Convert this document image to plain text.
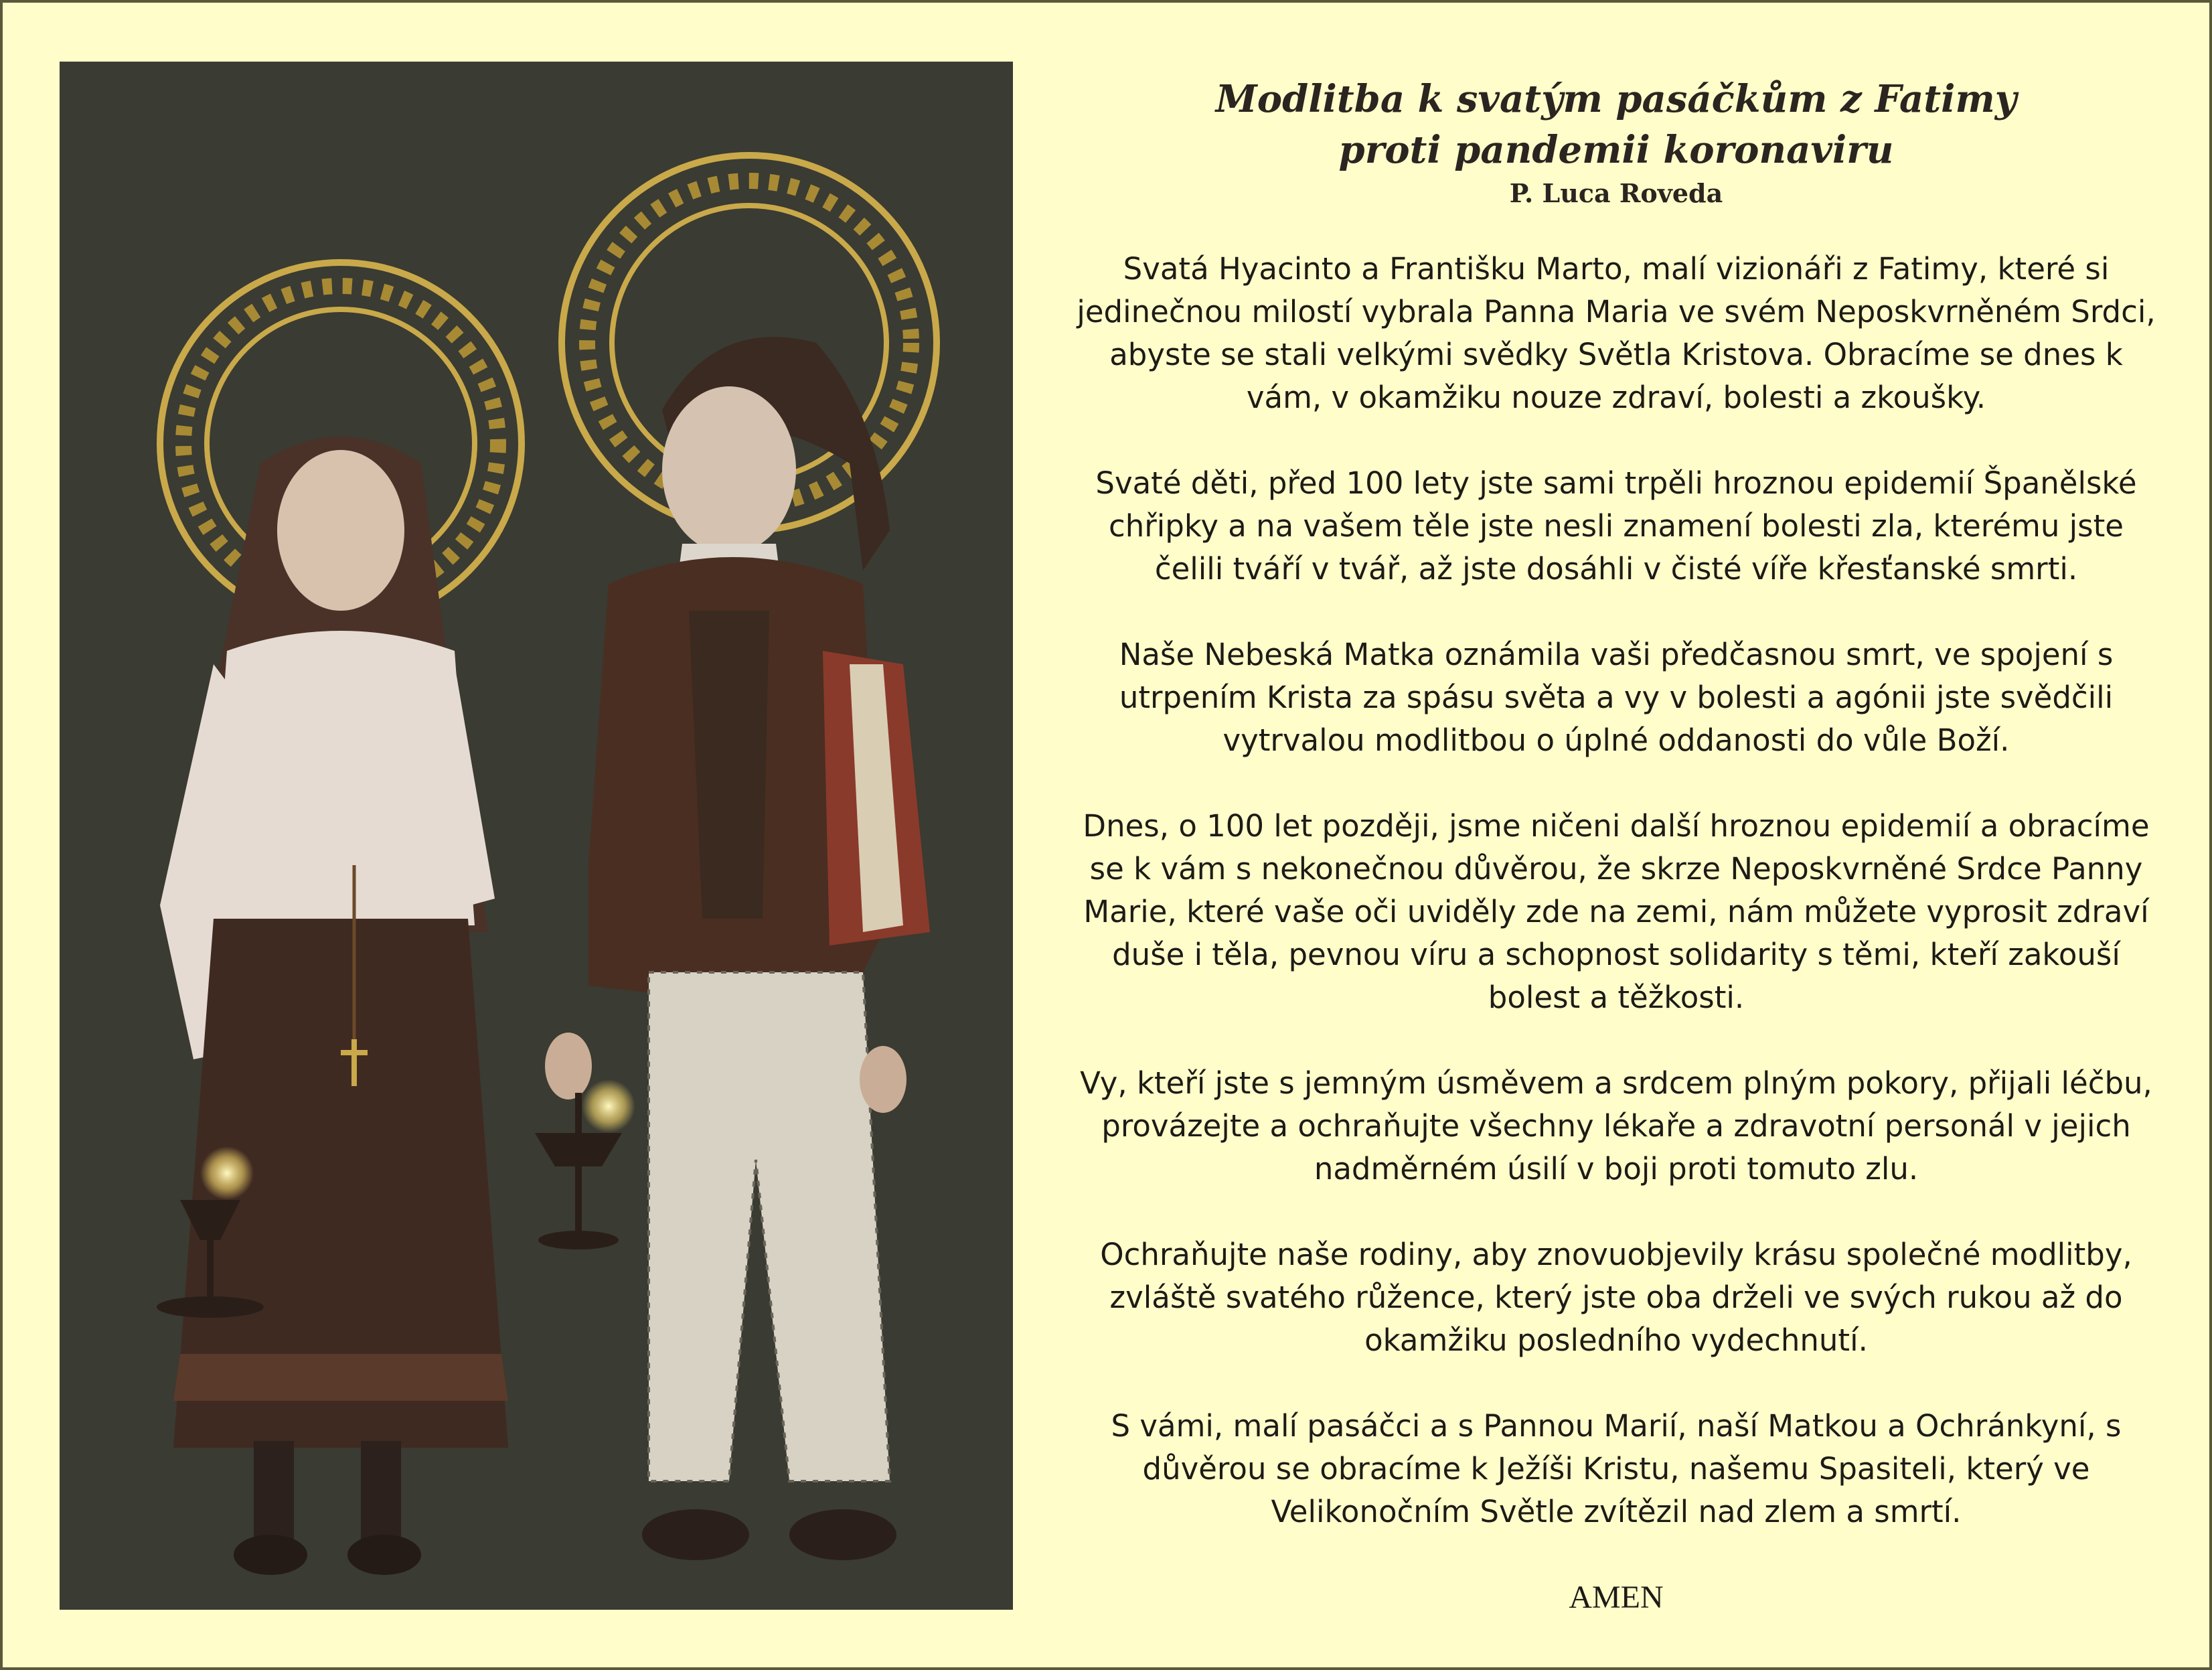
Modlitba k svatým pasáčkům z Fatimy
proti pandemii koronaviru

P. Luca Roveda

Svatá Hyacinto a Františku Marto, malí vizionáři z Fatimy, které si jedinečnou milostí vybrala Panna Maria ve svém Neposkvrněném Srdci, abyste se stali velkými svědky Světla Kristova. Obracíme se dnes k vám, v okamžiku nouze zdraví, bolesti a zkoušky.

Svaté děti, před 100 lety jste sami trpěli hroznou epidemií Španělské chřipky a na vašem těle jste nesli znamení bolesti zla, kterému jste čelili tváří v tvář, až jste dosáhli v čisté víře křesťanské smrti.

Naše Nebeská Matka oznámila vaši předčasnou smrt, ve spojení s utrpením Krista za spásu světa a vy v bolesti a agónii jste svědčili vytrvalou modlitbou o úplné oddanosti do vůle Boží.

Dnes, o 100 let později, jsme ničeni další hroznou epidemií a obracíme se k vám s nekonečnou důvěrou, že skrze Neposkvrněné Srdce Panny Marie, které vaše oči uviděly zde na zemi, nám můžete vyprosit zdraví duše i těla, pevnou víru a schopnost solidarity s těmi, kteří zakouší bolest a těžkosti.

Vy, kteří jste s jemným úsměvem a srdcem plným pokory, přijali léčbu, provázejte a ochraňujte všechny lékaře a zdravotní personál v jejich nadměrném úsilí v boji proti tomuto zlu.

Ochraňujte naše rodiny, aby znovuobjevily krásu společné modlitby, zvláště svatého růžence, který jste oba drželi ve svých rukou až do okamžiku posledního vydechnutí.

S vámi, malí pasáčci a s Pannou Marií, naší Matkou a Ochránkyní, s důvěrou se obracíme k Ježíši Kristu, našemu Spasiteli, který ve Velikonočním Světle zvítězil nad zlem a smrtí.

AMEN
